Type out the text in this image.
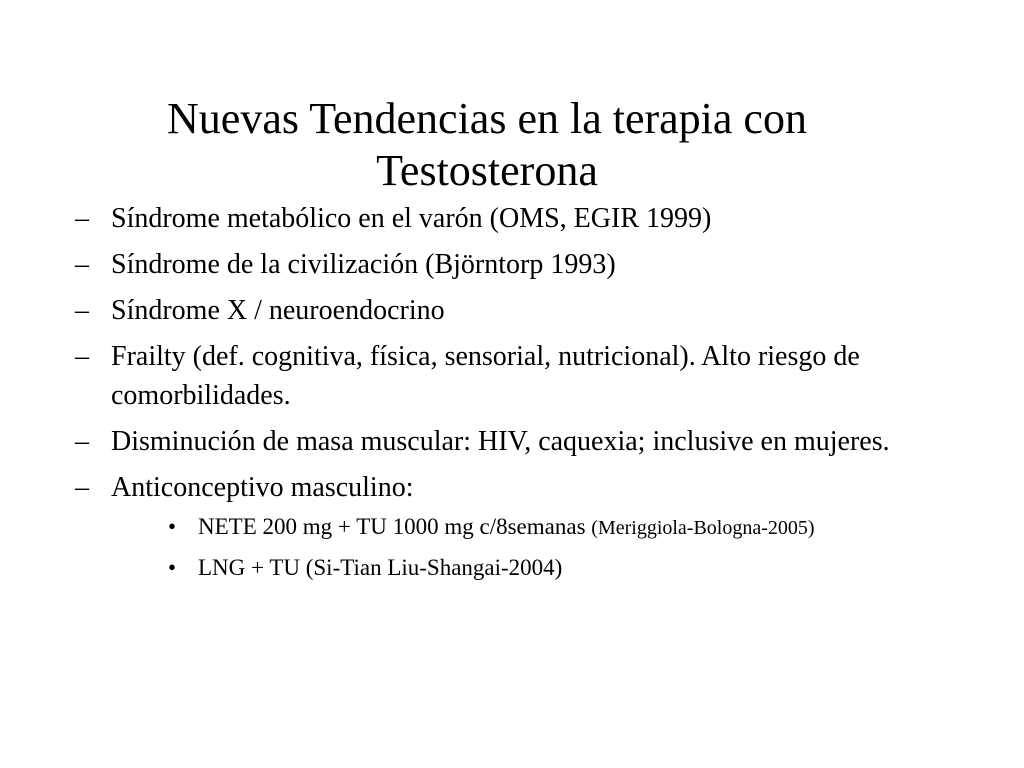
Nuevas Tendencias en la terapia con
Testosterona
– Síndrome metabólico en el varón (OMS, EGIR 1999)
– Síndrome de la civilización (Björntorp 1993)
– Síndrome X / neuroendocrino
– Frailty (def. cognitiva, física, sensorial, nutricional). Alto riesgo de comorbilidades.
– Disminución de masa muscular: HIV, caquexia; inclusive en mujeres.
– Anticonceptivo masculino:
• NETE 200 mg + TU 1000 mg c/8semanas (Meriggiola-Bologna-2005)
• LNG + TU (Si-Tian Liu-Shangai-2004)
